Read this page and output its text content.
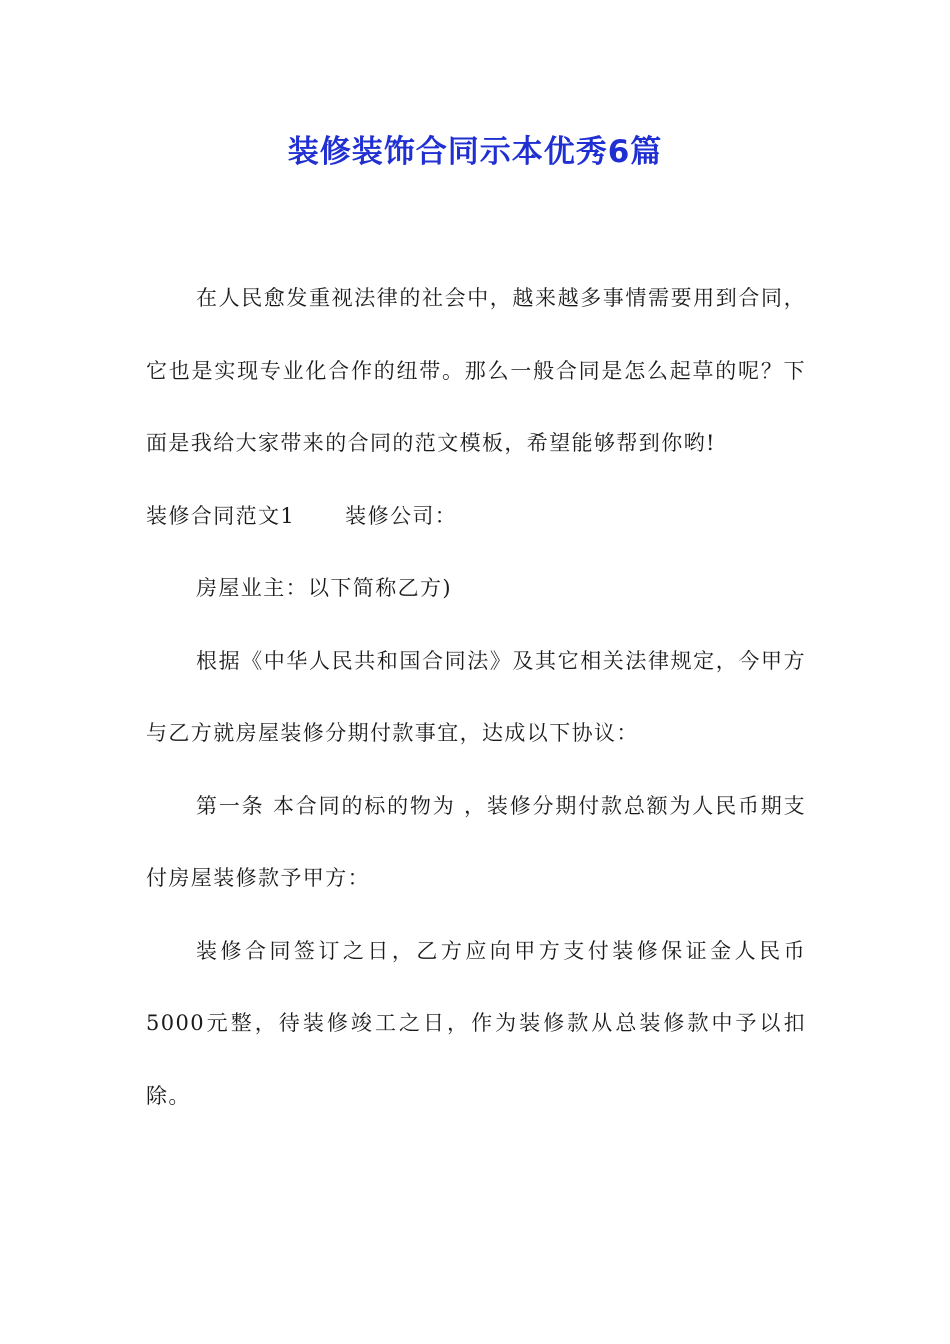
装修装饰合同示本优秀6篇

在人民愈发重视法律的社会中，越来越多事情需要用到合同，它也是实现专业化合作的纽带。那么一般合同是怎么起草的呢？下面是我给大家带来的合同的范文模板，希望能够帮到你哟!

装修合同范文1 装修公司：

房屋业主：以下简称乙方)

根据《中华人民共和国合同法》及其它相关法律规定，今甲方与乙方就房屋装修分期付款事宜，达成以下协议：

第一条 本合同的标的物为 ，装修分期付款总额为人民币期支付房屋装修款予甲方：

装修合同签订之日，乙方应向甲方支付装修保证金人民币5000元整，待装修竣工之日，作为装修款从总装修款中予以扣除。
